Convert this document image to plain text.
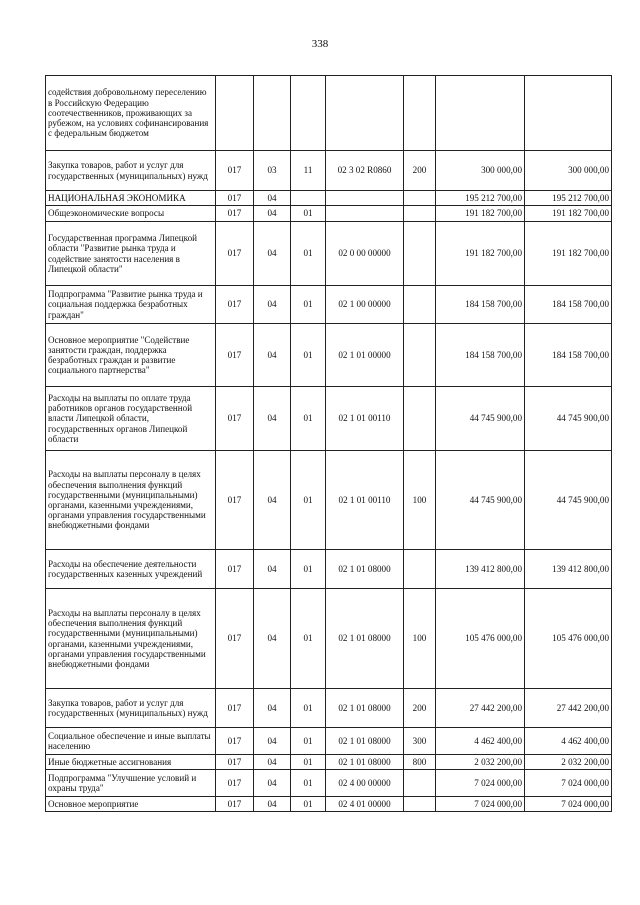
338
содействия добровольному переселению в Российскую Федерацию соотечественников, проживающих за рубежом, на условиях софинансирования с федеральным бюджетом							
Закупка товаров, работ и услуг для государственных (муниципальных) нужд	017	03	11	02 3 02 R0860	200	300 000,00	300 000,00
НАЦИОНАЛЬНАЯ ЭКОНОМИКА	017	04				195 212 700,00	195 212 700,00
Общеэкономические вопросы	017	04	01			191 182 700,00	191 182 700,00
Государственная программа Липецкой области "Развитие рынка труда и содействие занятости населения в Липецкой области"	017	04	01	02 0 00 00000		191 182 700,00	191 182 700,00
Подпрограмма "Развитие рынка труда и социальная поддержка безработных граждан"	017	04	01	02 1 00 00000		184 158 700,00	184 158 700,00
Основное мероприятие "Содействие занятости граждан, поддержка безработных граждан и развитие социального партнерства"	017	04	01	02 1 01 00000		184 158 700,00	184 158 700,00
Расходы на выплаты по оплате труда работников органов государственной власти Липецкой области, государственных органов Липецкой области	017	04	01	02 1 01 00110		44 745 900,00	44 745 900,00
Расходы на выплаты персоналу в целях обеспечения выполнения функций государственными (муниципальными) органами, казенными учреждениями, органами управления государственными внебюджетными фондами	017	04	01	02 1 01 00110	100	44 745 900,00	44 745 900,00
Расходы на обеспечение деятельности государственных казенных учреждений	017	04	01	02 1 01 08000		139 412 800,00	139 412 800,00
Расходы на выплаты персоналу в целях обеспечения выполнения функций государственными (муниципальными) органами, казенными учреждениями, органами управления государственными внебюджетными фондами	017	04	01	02 1 01 08000	100	105 476 000,00	105 476 000,00
Закупка товаров, работ и услуг для государственных (муниципальных) нужд	017	04	01	02 1 01 08000	200	27 442 200,00	27 442 200,00
Социальное обеспечение и иные выплаты населению	017	04	01	02 1 01 08000	300	4 462 400,00	4 462 400,00
Иные бюджетные ассигнования	017	04	01	02 1 01 08000	800	2 032 200,00	2 032 200,00
Подпрограмма "Улучшение условий и охраны труда"	017	04	01	02 4 00 00000		7 024 000,00	7 024 000,00
Основное мероприятие	017	04	01	02 4 01 00000		7 024 000,00	7 024 000,00
